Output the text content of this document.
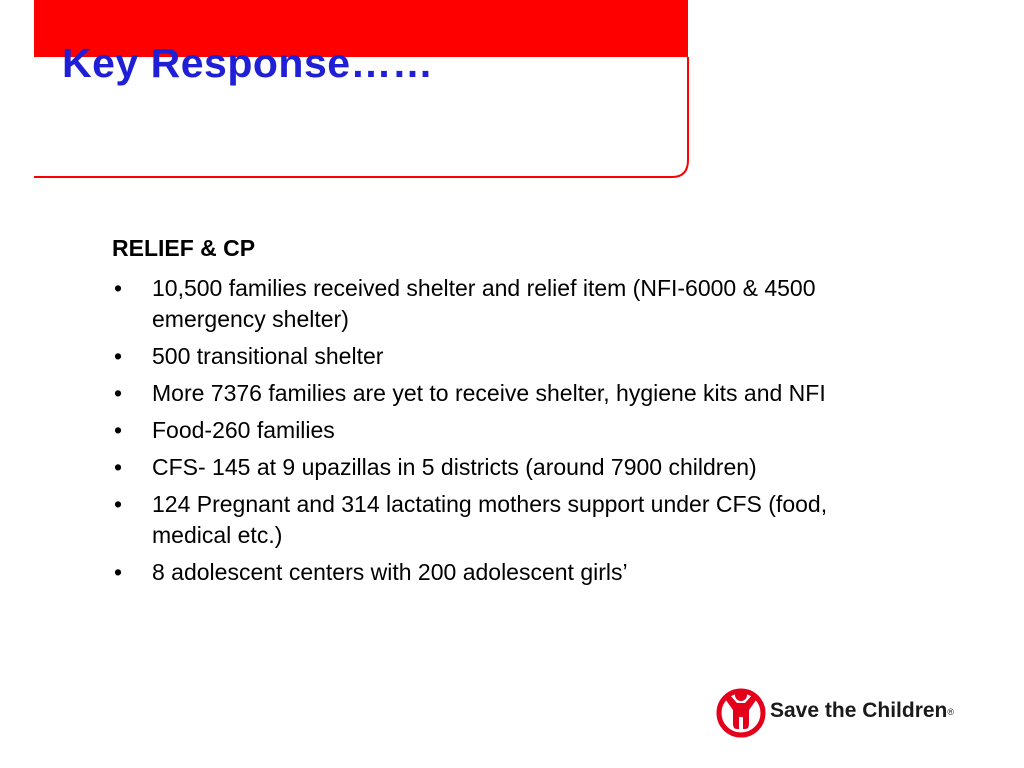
Key Response……
RELIEF & CP
•	10,500 families received shelter and relief item (NFI-6000 & 4500 emergency shelter)
•	500 transitional shelter
•	More 7376 families are yet to receive shelter, hygiene kits and NFI
•	Food-260 families
•	CFS- 145 at 9 upazillas in 5 districts (around 7900 children)
•	124 Pregnant and 314 lactating mothers support under CFS (food, medical etc.)
•	8 adolescent centers with 200 adolescent girls’
Save the Children®
